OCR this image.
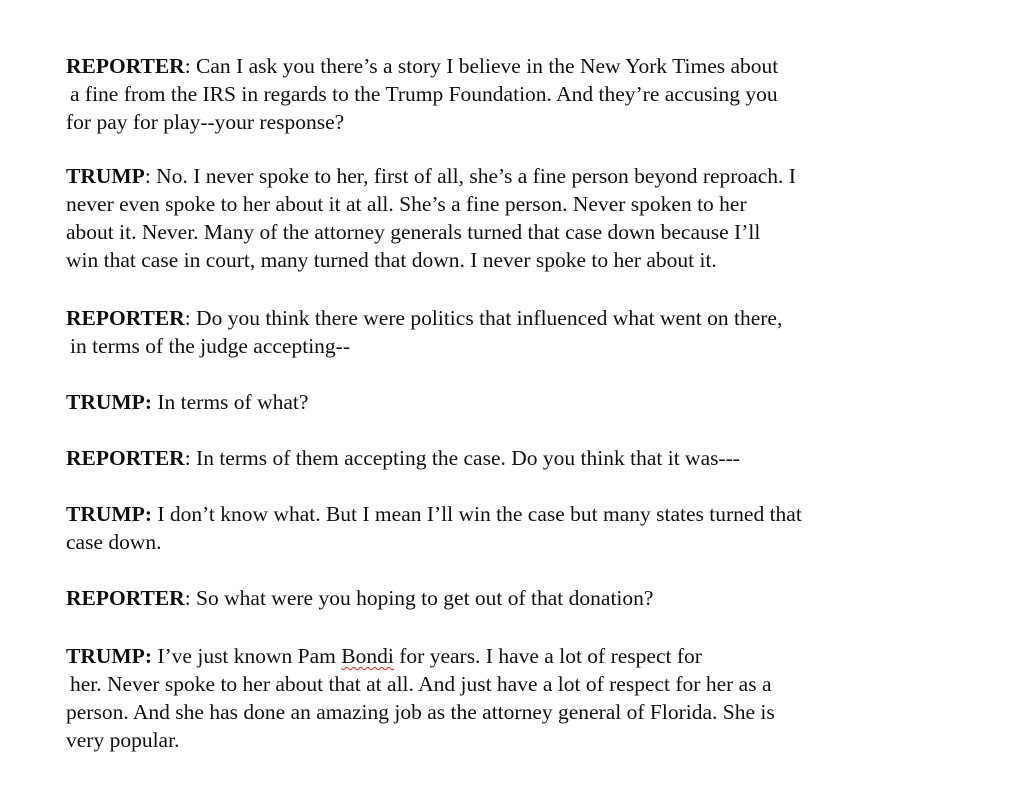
REPORTER: Can I ask you there’s a story I believe in the New York Times about
a fine from the IRS in regards to the Trump Foundation. And they’re accusing you
for pay for play--your response?
TRUMP: No. I never spoke to her, first of all, she’s a fine person beyond reproach. I
never even spoke to her about it at all. She’s a fine person. Never spoken to her
about it. Never. Many of the attorney generals turned that case down because I’ll
win that case in court, many turned that down. I never spoke to her about it.
REPORTER: Do you think there were politics that influenced what went on there,
in terms of the judge accepting--
TRUMP: In terms of what?
REPORTER: In terms of them accepting the case. Do you think that it was---
TRUMP: I don’t know what. But I mean I’ll win the case but many states turned that
case down.
REPORTER: So what were you hoping to get out of that donation?
TRUMP: I’ve just known Pam Bondi for years. I have a lot of respect for
her. Never spoke to her about that at all. And just have a lot of respect for her as a
person. And she has done an amazing job as the attorney general of Florida. She is
very popular.
